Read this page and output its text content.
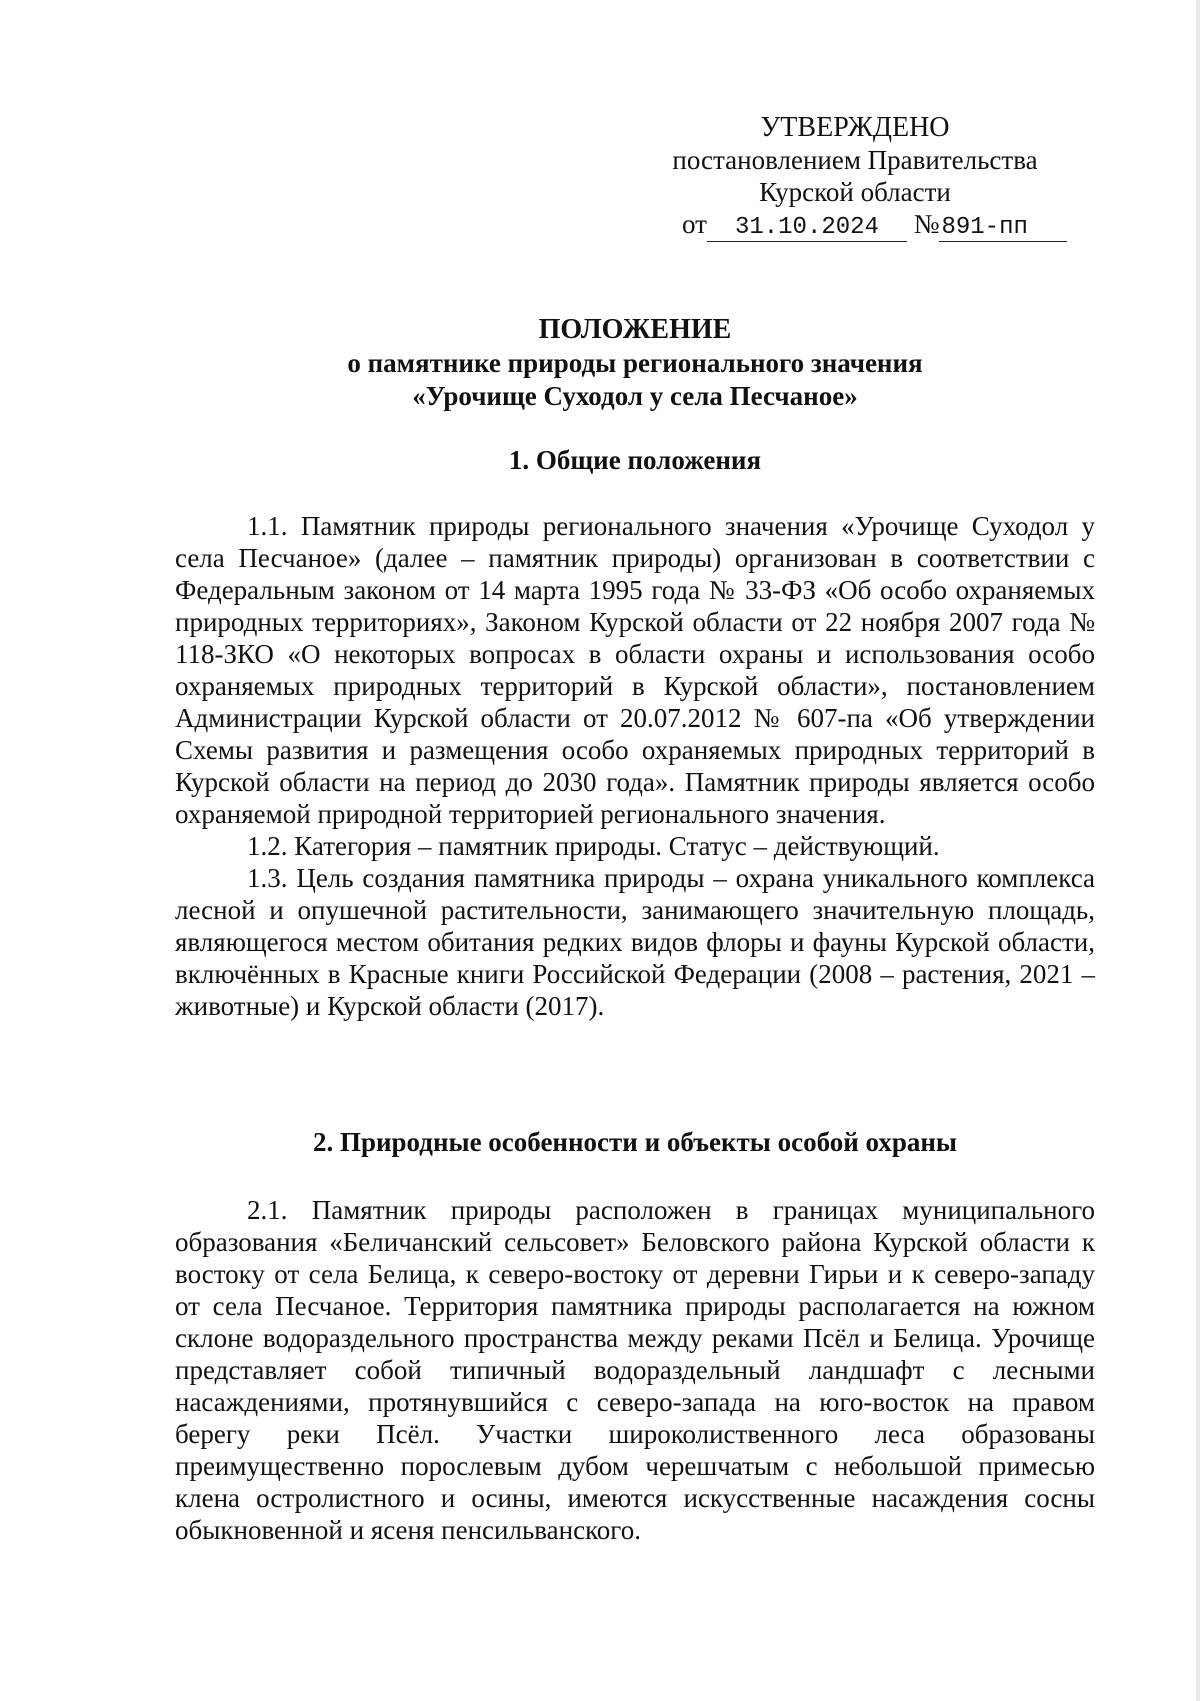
УТВЕРЖДЕНО
постановлением Правительства
Курской области
от 31.10.2024 №891-пп
ПОЛОЖЕНИЕ
о памятнике природы регионального значения
«Урочище Суходол у села Песчаное»
1. Общие положения

1.1. Памятник природы регионального значения «Урочище Суходол у села Песчаное» (далее – памятник природы) организован в соответствии с Федеральным законом от 14 марта 1995 года № 33-ФЗ «Об особо охраняемых природных территориях», Законом Курской области от 22 ноября 2007 года № 118-ЗКО «О некоторых вопросах в области охраны и использования особо охраняемых природных территорий в Курской области», постановлением Администрации Курской области от 20.07.2012 № 607-па «Об утверждении Схемы развития и размещения особо охраняемых природных территорий в Курской области на период до 2030 года». Памятник природы является особо охраняемой природной территорией регионального значения.

1.2. Категория – памятник природы. Статус – действующий.

1.3. Цель создания памятника природы – охрана уникального комплекса лесной и опушечной растительности, занимающего значительную площадь, являющегося местом обитания редких видов флоры и фауны Курской области, включённых в Красные книги Российской Федерации (2008 – растения, 2021 – животные) и Курской области (2017).

2. Природные особенности и объекты особой охраны

2.1. Памятник природы расположен в границах муниципального образования «Беличанский сельсовет» Беловского района Курской области к востоку от села Белица, к северо-востоку от деревни Гирьи и к северо-западу от села Песчаное. Территория памятника природы располагается на южном склоне водораздельного пространства между реками Псёл и Белица. Урочище представляет собой типичный водораздельный ландшафт с лесными насаждениями, протянувшийся с северо-запада на юго-восток на правом берегу реки Псёл. Участки широколиственного леса образованы преимущественно порослевым дубом черешчатым с небольшой примесью клена остролистного и осины, имеются искусственные насаждения сосны обыкновенной и ясеня пенсильванского.
